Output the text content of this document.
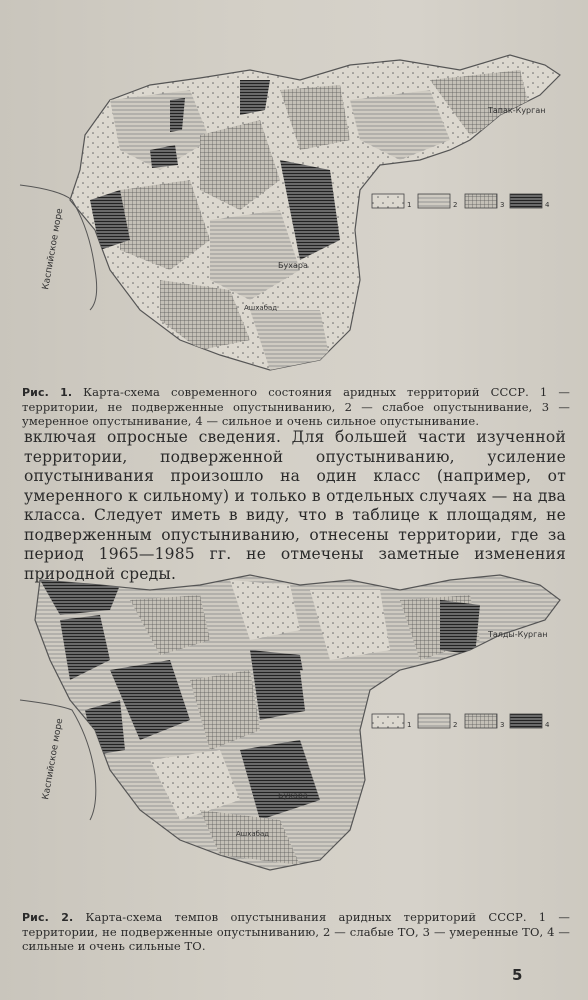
Каспийское море
Тапак-Курган
Бухара
Ашхабад
1	2	3	4
Рис. 1. Карта-схема современного состояния аридных территорий СССР. 1 — территории, не подверженные опустыниванию, 2 — слабое опустынивание, 3 — умеренное опустынивание, 4 — сильное и очень сильное опустынивание.
включая опросные сведения. Для большей части изученной территории, подверженной опустыниванию, усиление опустынивания произошло на один класс (например, от умеренного к сильному) и только в отдельных случаях — на два класса. Следует иметь в виду, что в таблице к площадям, не подверженным опустыниванию, отнесены территории, где за период 1965—1985 гг. не отмечены заметные изменения природной среды.
Каспийское море
Талды-Курган
Бухара
Ашхабад
1	2	3	4
Рис. 2. Карта-схема темпов опустынивания аридных территорий СССР. 1 — территории, не подверженные опустыниванию, 2 — слабые ТО, 3 — умеренные ТО, 4 — сильные и очень сильные ТО.
5
